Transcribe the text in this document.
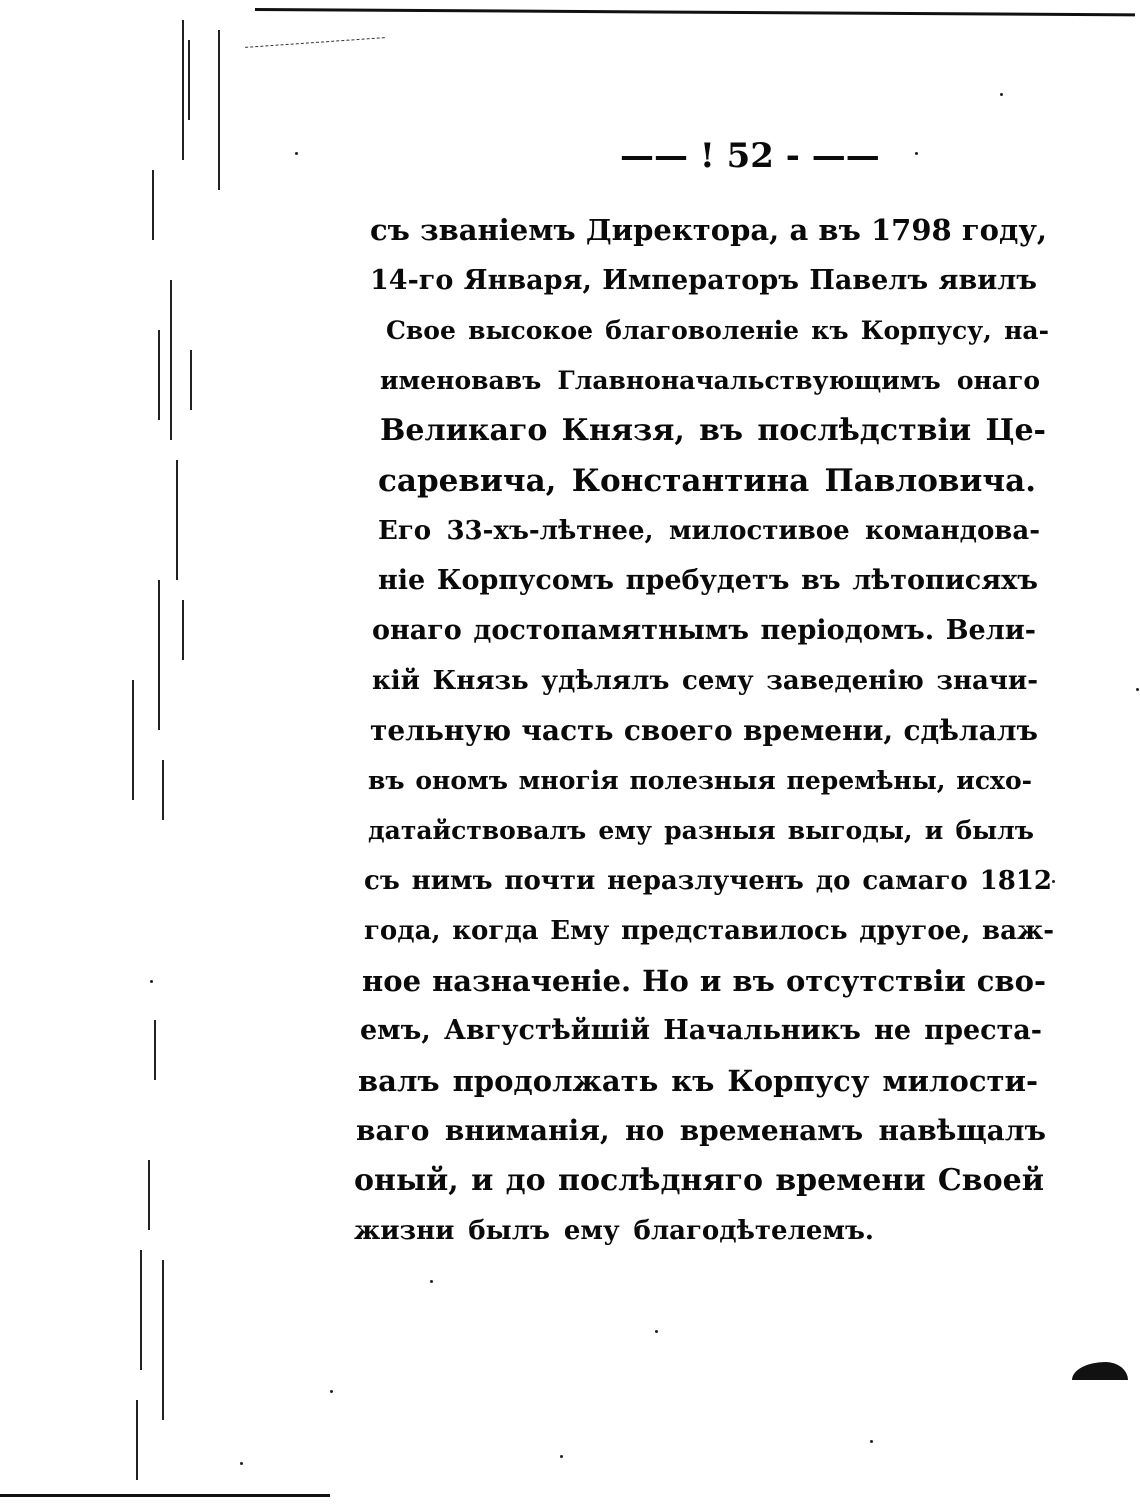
—— ! 52 - ——
съ званіемъ Директора, а въ 1798 году,
14-го Января, Императоръ Павелъ явилъ
Свое высокое благоволеніе къ Корпусу, на-
именовавъ Главноначальствующимъ онаго
Великаго Князя, въ послѣдствіи Це-
саревича, Константина Павловича.
Его 33-хъ-лѣтнее, милостивое командова-
ніе Корпусомъ пребудетъ въ лѣтописяхъ
онаго достопамятнымъ періодомъ. Вели-
кій Князь удѣлялъ сему заведенію значи-
тельную часть своего времени, сдѣлалъ
въ ономъ многія полезныя перемѣны, исхо-
датайствовалъ ему разныя выгоды, и былъ
съ нимъ почти неразлученъ до самаго 1812
года, когда Ему представилось другое, важ-
ное назначеніе. Но и въ отсутствіи сво-
емъ, Августѣйшій Начальникъ не преста-
валъ продолжать къ Корпусу милости-
ваго вниманія, но временамъ навѣщалъ
оный, и до послѣдняго времени Своей
жизни былъ ему благодѣтелемъ.
